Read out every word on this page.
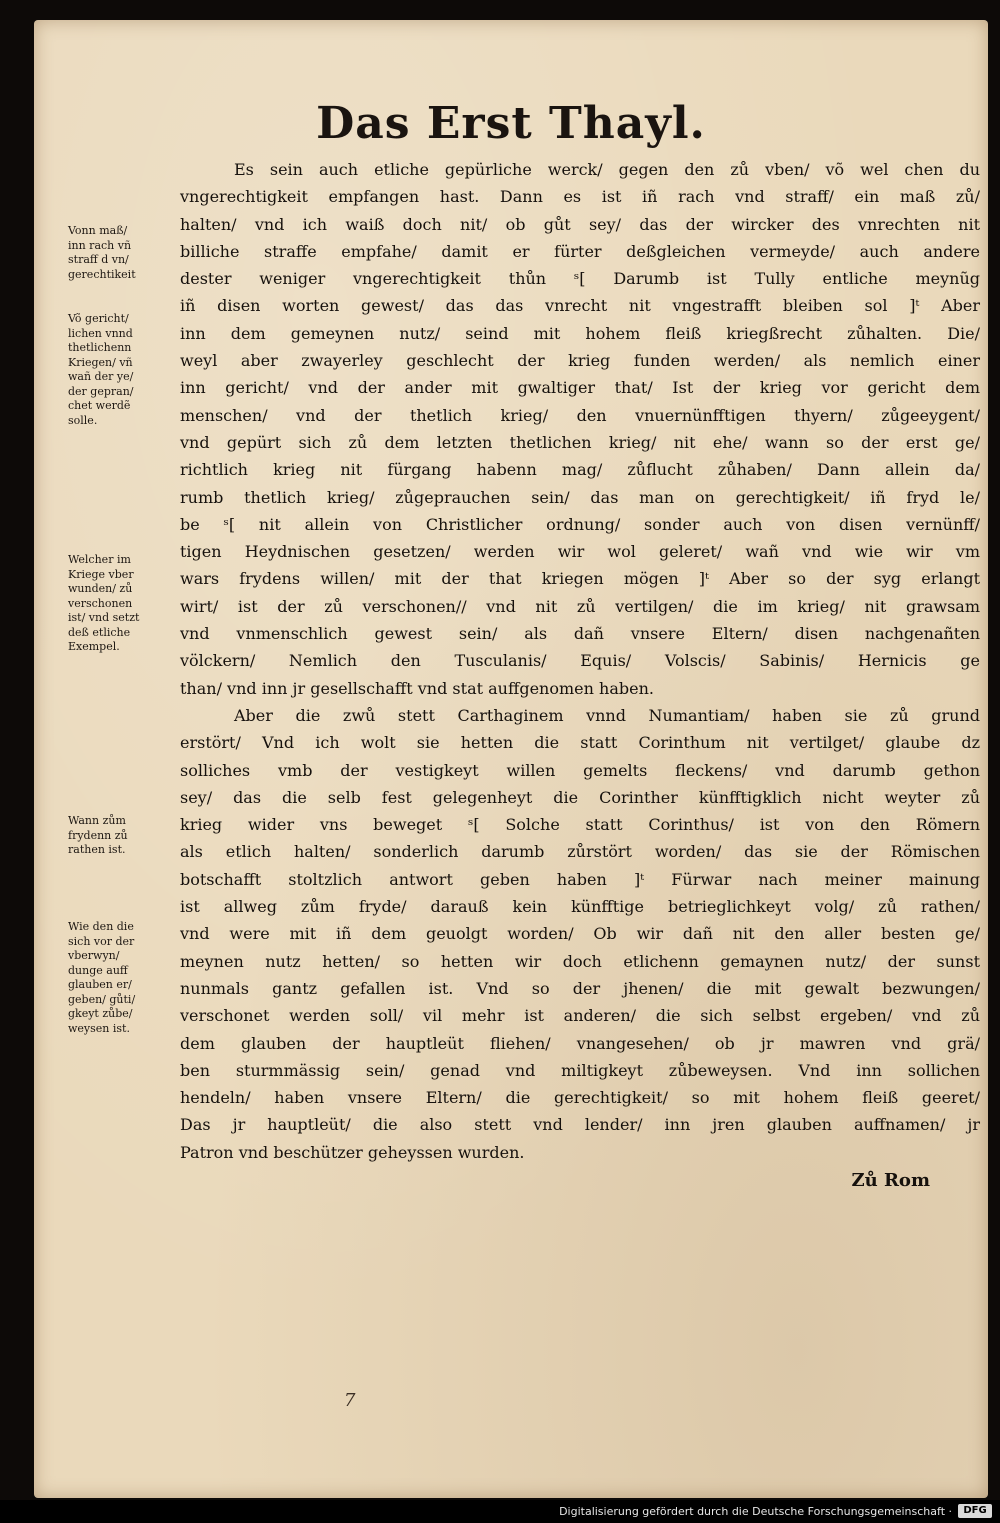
Das Erst Thayl.
Vonn maß/
inn rach vñ
straff d vn/
gerechtikeit
Võ gericht/
lichen vnnd
thetlichenn
Kriegen/ vñ
wañ der ye/
der gepran/
chet werdẽ
solle.
Welcher im
Kriege vber
wunden/ zů
verschonen
ist/ vnd setzt
deß etliche
Exempel.
Wann zům
frydenn zů
rathen ist.
Wie den die
sich vor der
vberwyn/
dunge auff
glauben er/
geben/ gůti/
gkeyt zůbe/
weysen ist.
Es sein auch etliche gepürliche werck/ gegen den zů vben/ võ wel chen du
vngerechtigkeit empfangen hast. Dann es ist iñ rach vnd straff/ ein maß zů/
halten/ vnd ich waiß doch nit/ ob gůt sey/ das der wircker des vnrechten nit
billiche straffe empfahe/ damit er fürter deßgleichen vermeyde/ auch andere
dester weniger vngerechtigkeit thůn ˢ[ Darumb ist Tully entliche meynũg
iñ disen worten gewest/ das das vnrecht nit vngestrafft bleiben sol ]ᵗ Aber
inn dem gemeynen nutz/ seind mit hohem fleiß kriegßrecht zůhalten. Die/
weyl aber zwayerley geschlecht der krieg funden werden/ als nemlich einer
inn gericht/ vnd der ander mit gwaltiger that/ Ist der krieg vor gericht dem
menschen/ vnd der thetlich krieg/ den vnuernünfftigen thyern/ zůgeeygent/
vnd gepürt sich zů dem letzten thetlichen krieg/ nit ehe/ wann so der erst ge/
richtlich krieg nit fürgang habenn mag/ zůflucht zůhaben/ Dann allein da/
rumb thetlich krieg/ zůgeprauchen sein/ das man on gerechtigkeit/ iñ fryd le/
be ˢ[ nit allein von Christlicher ordnung/ sonder auch von disen vernünff/
tigen Heydnischen gesetzen/ werden wir wol geleret/ wañ vnd wie wir vm
wars frydens willen/ mit der that kriegen mögen ]ᵗ Aber so der syg erlangt
wirt/ ist der zů verschonen// vnd nit zů vertilgen/ die im krieg/ nit grawsam
vnd vnmenschlich gewest sein/ als dañ vnsere Eltern/ disen nachgenañten
völckern/ Nemlich den Tusculanis/ Equis/ Volscis/ Sabinis/ Hernicis ge
than/ vnd inn jr gesellschafft vnd stat auffgenomen haben.
Aber die zwů stett Carthaginem vnnd Numantiam/ haben sie zů grund
erstört/ Vnd ich wolt sie hetten die statt Corinthum nit vertilget/ glaube dz
solliches vmb der vestigkeyt willen gemelts fleckens/ vnd darumb gethon
sey/ das die selb fest gelegenheyt die Corinther künfftigklich nicht weyter zů
krieg wider vns beweget ˢ[ Solche statt Corinthus/ ist von den Römern
als etlich halten/ sonderlich darumb zůrstört worden/ das sie der Römischen
botschafft stoltzlich antwort geben haben ]ᵗ Fürwar nach meiner mainung
ist allweg zům fryde/ darauß kein künfftige betrieglichkeyt volg/ zů rathen/
vnd were mit iñ dem geuolgt worden/ Ob wir dañ nit den aller besten ge/
meynen nutz hetten/ so hetten wir doch etlichenn gemaynen nutz/ der sunst
nunmals gantz gefallen ist. Vnd so der jhenen/ die mit gewalt bezwungen/
verschonet werden soll/ vil mehr ist anderen/ die sich selbst ergeben/ vnd zů
dem glauben der hauptleüt fliehen/ vnangesehen/ ob jr mawren vnd grä/
ben sturmmässig sein/ genad vnd miltigkeyt zůbeweysen. Vnd inn sollichen
hendeln/ haben vnsere Eltern/ die gerechtigkeit/ so mit hohem fleiß geeret/
Das jr hauptleüt/ die also stett vnd lender/ inn jren glauben auffnamen/ jr
Patron vnd beschützer geheyssen wurden.
Zů Rom
7
Digitalisierung gefördert durch die Deutsche Forschungsgemeinschaft ·	DFG
